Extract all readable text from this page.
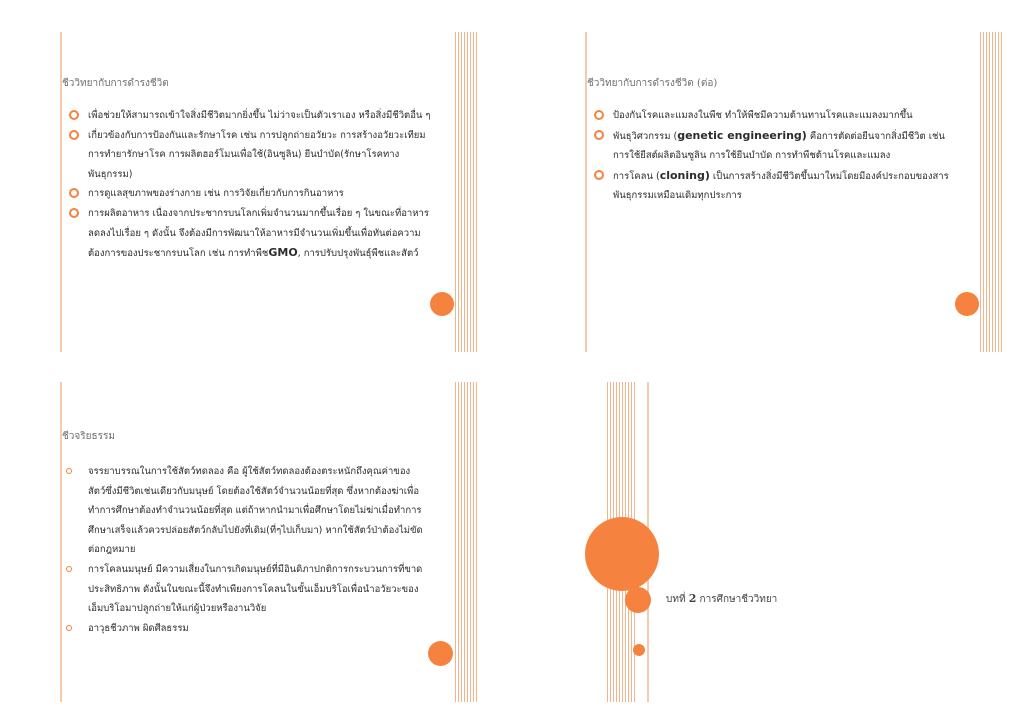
ชีววิทยากับการดำรงชีวิต
เพื่อช่วยให้สามารถเข้าใจสิ่งมีชีวิตมากยิ่งขึ้น ไม่ว่าจะเป็นตัวเราเอง หรือสิ่งมีชีวิตอื่น ๆ
เกี่ยวข้องกับการป้องกันและรักษาโรค เช่น การปลูกถ่ายอวัยวะ การสร้างอวัยวะเทียม การทำยารักษาโรค การผลิตฮอร์โมนเพื่อใช้(อินซูลิน) ยีนบำบัด(รักษาโรคทางพันธุกรรม)
การดูแลสุขภาพของร่างกาย เช่น การวิจัยเกี่ยวกับการกินอาหาร
การผลิตอาหาร เนื่องจากประชากรบนโลกเพิ่มจำนวนมากขึ้นเรื่อย ๆ ในขณะที่อาหารลดลงไปเรื่อย ๆ ดังนั้น จึงต้องมีการพัฒนาให้อาหารมีจำนวนเพิ่มขึ้นเพื่อทันต่อความต้องการของประชากรบนโลก เช่น การทำพืชGMO, การปรับปรุงพันธุ์พืชและสัตว์
ชีววิทยากับการดำรงชีวิต (ต่อ)
ป้องกันโรคและแมลงในพืช ทำให้พืชมีความต้านทานโรคและแมลงมากขึ้น
พันธุวิศวกรรม (genetic engineering) คือการตัดต่อยีนจากสิ่งมีชีวิต เช่น การใช้ยีสต์ผลิตอินซูลิน การใช้ยีนบำบัด การทำพืชต้านโรคและแมลง
การโคลน (cloning) เป็นการสร้างสิ่งมีชีวิตขึ้นมาใหม่โดยมีองค์ประกอบของสารพันธุกรรมเหมือนเดิมทุกประการ
ชีวจริยธรรม
จรรยาบรรณในการใช้สัตว์ทดลอง คือ ผู้ใช้สัตว์ทดลองต้องตระหนักถึงคุณค่าของสัตว์ซึ่งมีชีวิตเช่นเดียวกับมนุษย์ โดยต้องใช้สัตว์จำนวนน้อยที่สุด ซึ่งหากต้องฆ่าเพื่อทำการศึกษาต้องทำจำนวนน้อยที่สุด แต่ถ้าหากนำมาเพื่อศึกษาโดยไม่ฆ่าเมื่อทำการศึกษาเสร็จแล้วควรปล่อยสัตว์กลับไปยังที่เดิม(ที่ๆไปเก็บมา) หากใช้สัตว์ป่าต้องไม่ขัดต่อกฎหมาย
การโคลนมนุษย์ มีความเสี่ยงในการเกิดมนุษย์ที่มีอินดิภาปกติการกระบวนการที่ขาดประสิทธิภาพ ดังนั้นในขณะนี้จึงทำเพียงการโคลนในขั้นเอ็มบริโอเพื่อนำอวัยวะของเอ็มบริโอมาปลูกถ่ายให้แก่ผู้ป่วยหรืองานวิจัย
อาวุธชีวภาพ ผิดศีลธรรม
บทที่ 2 การศึกษาชีววิทยา
